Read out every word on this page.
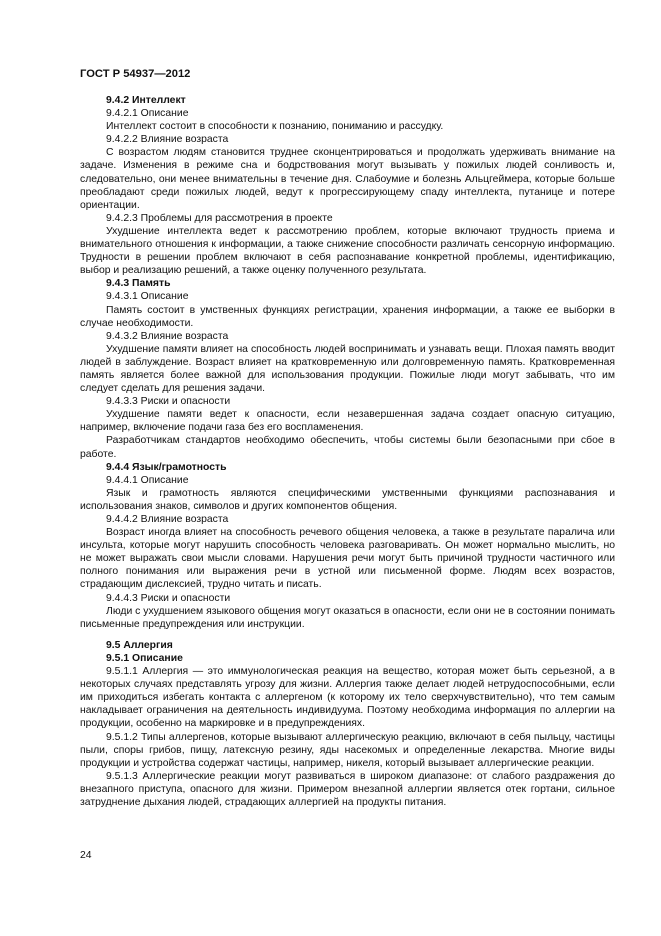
ГОСТ Р 54937—2012

9.4.2 Интеллект

9.4.2.1 Описание

Интеллект состоит в способности к познанию, пониманию и рассудку.

9.4.2.2 Влияние возраста

С возрастом людям становится труднее сконцентрироваться и продолжать удерживать внимание на задаче. Изменения в режиме сна и бодрствования могут вызывать у пожилых людей сонливость и, следовательно, они менее внимательны в течение дня. Слабоумие и болезнь Альцгеймера, которые больше преобладают среди пожилых людей, ведут к прогрессирующему спаду интеллекта, путанице и потере ориентации.

9.4.2.3 Проблемы для рассмотрения в проекте

Ухудшение интеллекта ведет к рассмотрению проблем, которые включают трудность приема и внимательного отношения к информации, а также снижение способности различать сенсорную информацию. Трудности в решении проблем включают в себя распознавание конкретной проблемы, идентификацию, выбор и реализацию решений, а также оценку полученного результата.

9.4.3 Память

9.4.3.1 Описание

Память состоит в умственных функциях регистрации, хранения информации, а также ее выборки в случае необходимости.

9.4.3.2 Влияние возраста

Ухудшение памяти влияет на способность людей воспринимать и узнавать вещи. Плохая память вводит людей в заблуждение. Возраст влияет на кратковременную или долговременную память. Кратковременная память является более важной для использования продукции. Пожилые люди могут забывать, что им следует сделать для решения задачи.

9.4.3.3 Риски и опасности

Ухудшение памяти ведет к опасности, если незавершенная задача создает опасную ситуацию, например, включение подачи газа без его воспламенения.

Разработчикам стандартов необходимо обеспечить, чтобы системы были безопасными при сбое в работе.

9.4.4 Язык/грамотность

9.4.4.1 Описание

Язык и грамотность являются специфическими умственными функциями распознавания и использования знаков, символов и других компонентов общения.

9.4.4.2 Влияние возраста

Возраст иногда влияет на способность речевого общения человека, а также в результате паралича или инсульта, которые могут нарушить способность человека разговаривать. Он может нормально мыслить, но не может выражать свои мысли словами. Нарушения речи могут быть причиной трудности частичного или полного понимания или выражения речи в устной или письменной форме. Людям всех возрастов, страдающим дислексией, трудно читать и писать.

9.4.4.3 Риски и опасности

Люди с ухудшением языкового общения могут оказаться в опасности, если они не в состоянии понимать письменные предупреждения или инструкции.

9.5 Аллергия

9.5.1 Описание

9.5.1.1 Аллергия — это иммунологическая реакция на вещество, которая может быть серьезной, а в некоторых случаях представлять угрозу для жизни. Аллергия также делает людей нетрудоспособными, если им приходиться избегать контакта с аллергеном (к которому их тело сверхчувствительно), что тем самым накладывает ограничения на деятельность индивидуума. Поэтому необходима информация по аллергии на продукции, особенно на маркировке и в предупреждениях.

9.5.1.2 Типы аллергенов, которые вызывают аллергическую реакцию, включают в себя пыльцу, частицы пыли, споры грибов, пищу, латексную резину, яды насекомых и определенные лекарства. Многие виды продукции и устройства содержат частицы, например, никеля, который вызывает аллергические реакции.

9.5.1.3 Аллергические реакции могут развиваться в широком диапазоне: от слабого раздражения до внезапного приступа, опасного для жизни. Примером внезапной аллергии является отек гортани, сильное затруднение дыхания людей, страдающих аллергией на продукты питания.

24
